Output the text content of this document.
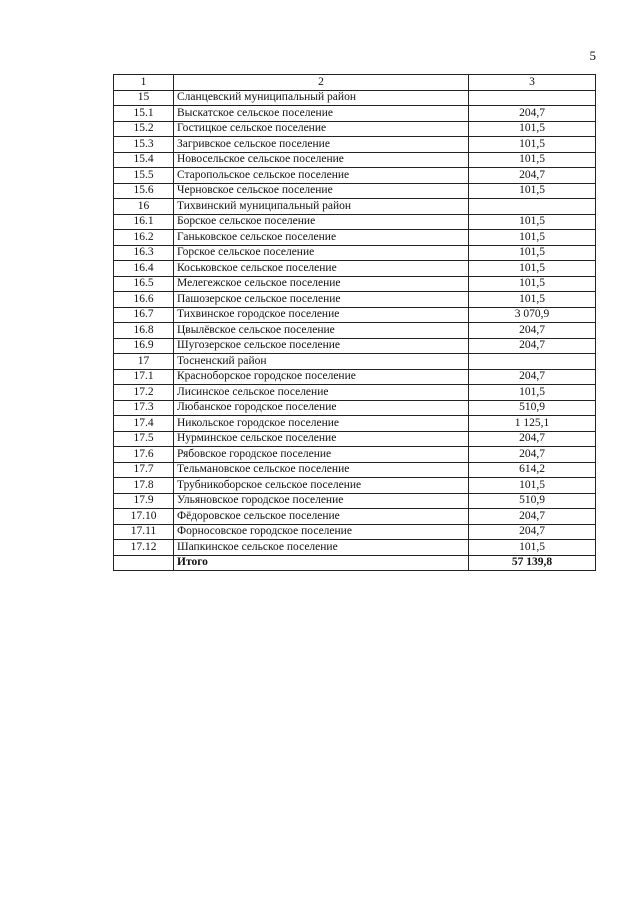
5
1	2	3
15	Сланцевский муниципальный район	
15.1	Выскатское сельское поселение	204,7
15.2	Гостицкое сельское поселение	101,5
15.3	Загривское сельское поселение	101,5
15.4	Новосельское сельское поселение	101,5
15.5	Старопольское сельское поселение	204,7
15.6	Черновское сельское поселение	101,5
16	Тихвинский муниципальный район	
16.1	Борское сельское поселение	101,5
16.2	Ганьковское сельское поселение	101,5
16.3	Горское сельское поселение	101,5
16.4	Коськовское сельское поселение	101,5
16.5	Мелегежское сельское поселение	101,5
16.6	Пашозерское сельское поселение	101,5
16.7	Тихвинское городское поселение	3 070,9
16.8	Цвылёвское сельское поселение	204,7
16.9	Шугозерское сельское поселение	204,7
17	Тосненский район	
17.1	Красноборское городское поселение	204,7
17.2	Лисинское сельское поселение	101,5
17.3	Любанское городское поселение	510,9
17.4	Никольское городское поселение	1 125,1
17.5	Нурминское сельское поселение	204,7
17.6	Рябовское городское поселение	204,7
17.7	Тельмановское сельское поселение	614,2
17.8	Трубникоборское сельское поселение	101,5
17.9	Ульяновское городское поселение	510,9
17.10	Фёдоровское сельское поселение	204,7
17.11	Форносовское городское поселение	204,7
17.12	Шапкинское сельское поселение	101,5
	Итого	57 139,8
